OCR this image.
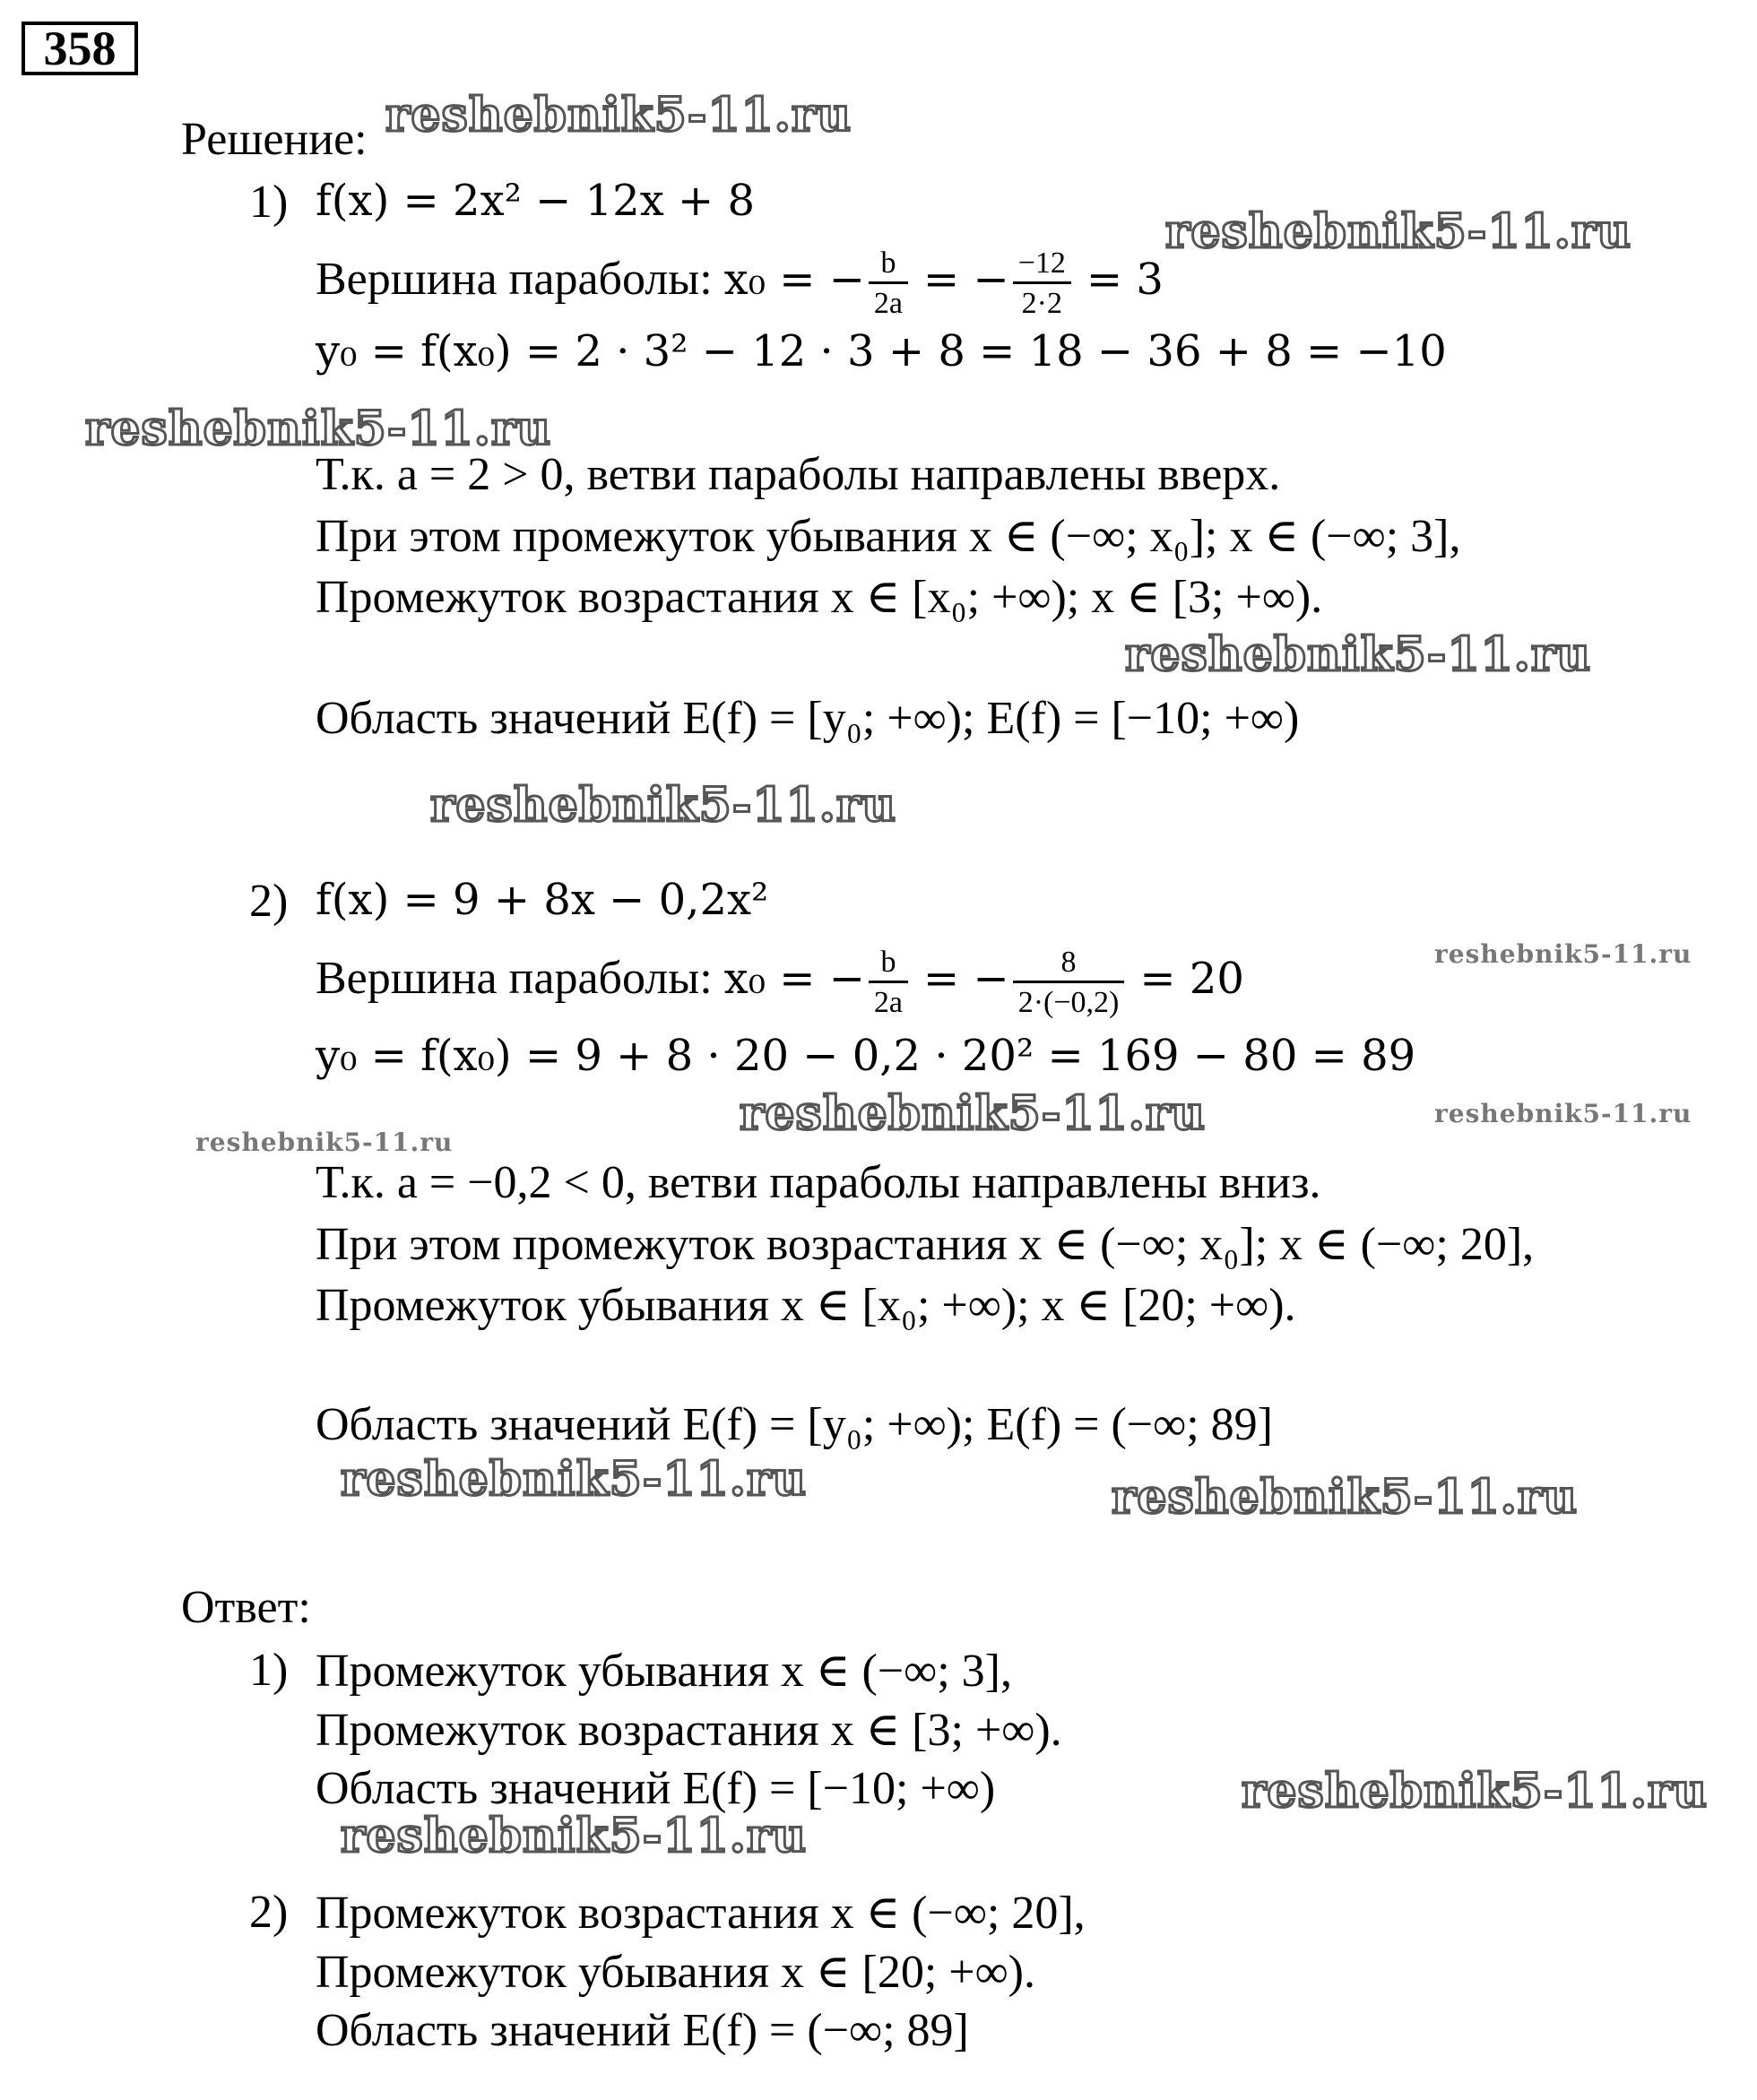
358
reshebnik5-11.ru
reshebnik5-11.ru
reshebnik5-11.ru
reshebnik5-11.ru
reshebnik5-11.ru
reshebnik5-11.ru
reshebnik5-11.ru	reshebnik5-11.ru
reshebnik5-11.ru
reshebnik5-11.ru	reshebnik5-11.ru
reshebnik5-11.ru
reshebnik5-11.ru
Решение:
1) f(x) = 2x² − 12x + 8
Вершина параболы: x₀ = − $\frac{b}{2a}$ = − $\frac{-12}{2\cdot 2} = 3$
y₀ = f(x₀) = 2 · 3² − 12 · 3 + 8 = 18 − 36 + 8 = −10
Т.к. a = 2 > 0, ветви параболы направлены вверх.
При этом промежуток убывания x ∈ (−∞; x₀]; x ∈ (−∞; 3],
Промежуток возрастания x ∈ [x₀; +∞); x ∈ [3; +∞).
Область значений E(f) = [y₀; +∞); E(f) = [−10; +∞)
2) f(x) = 9 + 8x − 0,2x²
Вершина параболы: x₀ = − $\frac{b}{2a}$ = − $\frac{8}{2\cdot(-0,2)} = 20$
y₀ = f(x₀) = 9 + 8 · 20 − 0,2 · 20² = 169 − 80 = 89
Т.к. a = −0,2 < 0, ветви параболы направлены вниз.
При этом промежуток возрастания x ∈ (−∞; x₀]; x ∈ (−∞; 20],
Промежуток убывания x ∈ [x₀; +∞); x ∈ [20; +∞).
Область значений E(f) = [y₀; +∞); E(f) = (−∞; 89]
Ответ:
1) Промежуток убывания x ∈ (−∞; 3],
Промежуток возрастания x ∈ [3; +∞).
Область значений E(f) = [−10; +∞)
2) Промежуток возрастания x ∈ (−∞; 20],
Промежуток убывания x ∈ [20; +∞).
Область значений E(f) = (−∞; 89]
